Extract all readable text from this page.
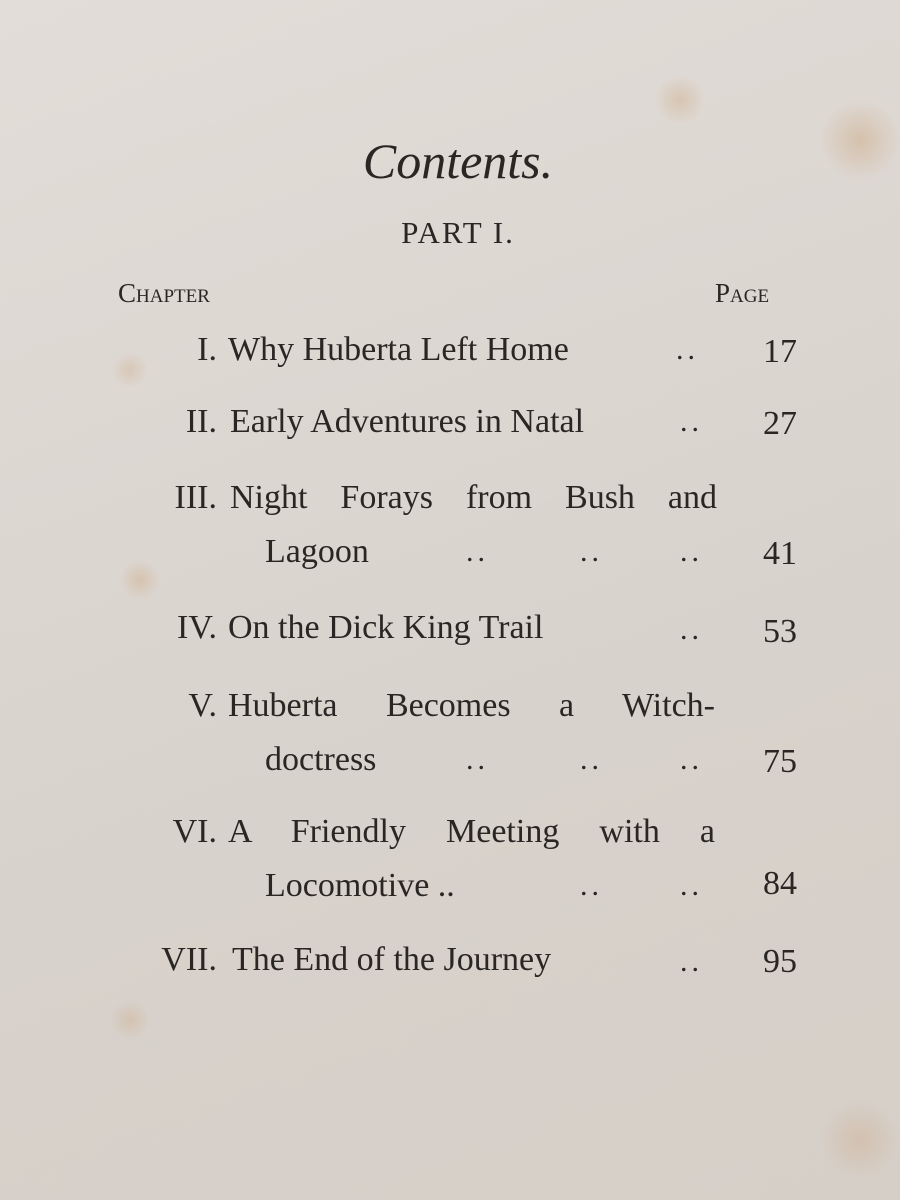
Contents.
PART I.
Chapter	Page
I. Why Huberta Left Home	..	17
II. Early Adventures in Natal	..	27
III. Night Forays from Bush and
Lagoon	..	..	..	41
IV. On the Dick King Trail	..	53
V. Huberta Becomes a Witch-
doctress	..	..	..	75
VI. A Friendly Meeting with a
Locomotive ..	..	..	84
VII. The End of the Journey	..	95
